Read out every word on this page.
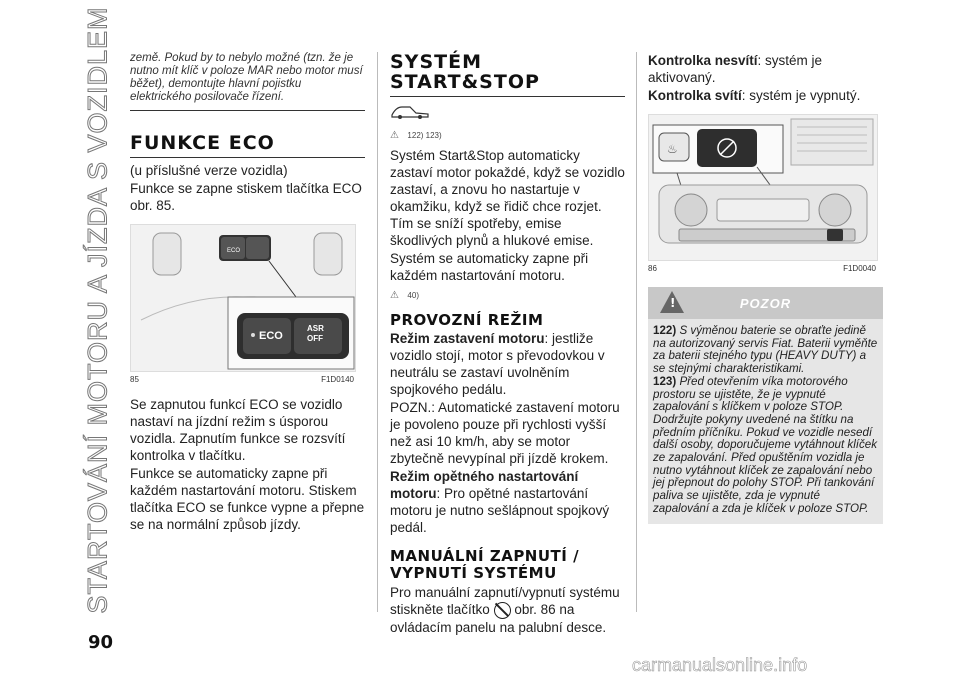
STARTOVÁNÍ MOTORU A JÍZDA S VOZIDLEM země. Pokud by to nebylo možné (tzn. že je nutno mít klíč v poloze MAR nebo motor musí běžet), demontujte hlavní pojistku elektrického posilovače řízení.
FUNKCE ECO

(u příslušné verze vozidla)

Funkce se zapne stiskem tlačítka ECO obr. 85.

ECO
ECO
ASR
OFF
85	F1D0140

Se zapnutou funkcí ECO se vozidlo nastaví na jízdní režim s úsporou vozidla. Zapnutím funkce se rozsvítí kontrolka v tlačítku.

Funkce se automaticky zapne při každém nastartování motoru. Stiskem tlačítka ECO se funkce vypne a přepne se na normální způsob jízdy.

SYSTÉM
START&STOP
⚠ 122) 123)

Systém Start&Stop automaticky zastaví motor pokaždé, když se vozidlo zastaví, a znovu ho nastartuje v okamžiku, když se řidič chce rozjet. Tím se sníží spotřeby, emise škodlivých plynů a hlukové emise.

Systém se automaticky zapne při každém nastartování motoru.

⚠ 40)
PROVOZNÍ REŽIM

Režim zastavení motoru: jestliže vozidlo stojí, motor s převodovkou v neutrálu se zastaví uvolněním spojkového pedálu.

POZN.: Automatické zastavení motoru je povoleno pouze při rychlosti vyšší než asi 10 km/h, aby se motor zbytečně nevypínal při jízdě krokem.

Režim opětného nastartování motoru: Pro opětné nastartování motoru je nutno sešlápnout spojkový pedál.

MANUÁLNÍ ZAPNUTÍ /
VYPNUTÍ SYSTÉMU

Pro manuální zapnutí/vypnutí systému stiskněte tlačítko obr. 86 na ovládacím panelu na palubní desce.

Kontrolka nesvítí: systém je aktivovaný.

Kontrolka svítí: systém je vypnutý.

♨
86	F1D0040
!
POZOR
122) S výměnou baterie se obraťte jedině na autorizovaný servis Fiat. Baterii vyměňte za baterii stejného typu (HEAVY DUTY) a se stejnými charakteristikami.
123) Před otevřením víka motorového prostoru se ujistěte, že je vypnuté zapalování s klíčkem v poloze STOP. Dodržujte pokyny uvedené na štítku na předním příčníku. Pokud ve vozidle nesedí další osoby, doporučujeme vytáhnout klíček ze zapalování. Před opuštěním vozidla je nutno vytáhnout klíček ze zapalování nebo jej přepnout do polohy STOP. Při tankování paliva se ujistěte, zda je vypnuté zapalování a zda je klíček v poloze STOP.
90
carmanualsonline.info
